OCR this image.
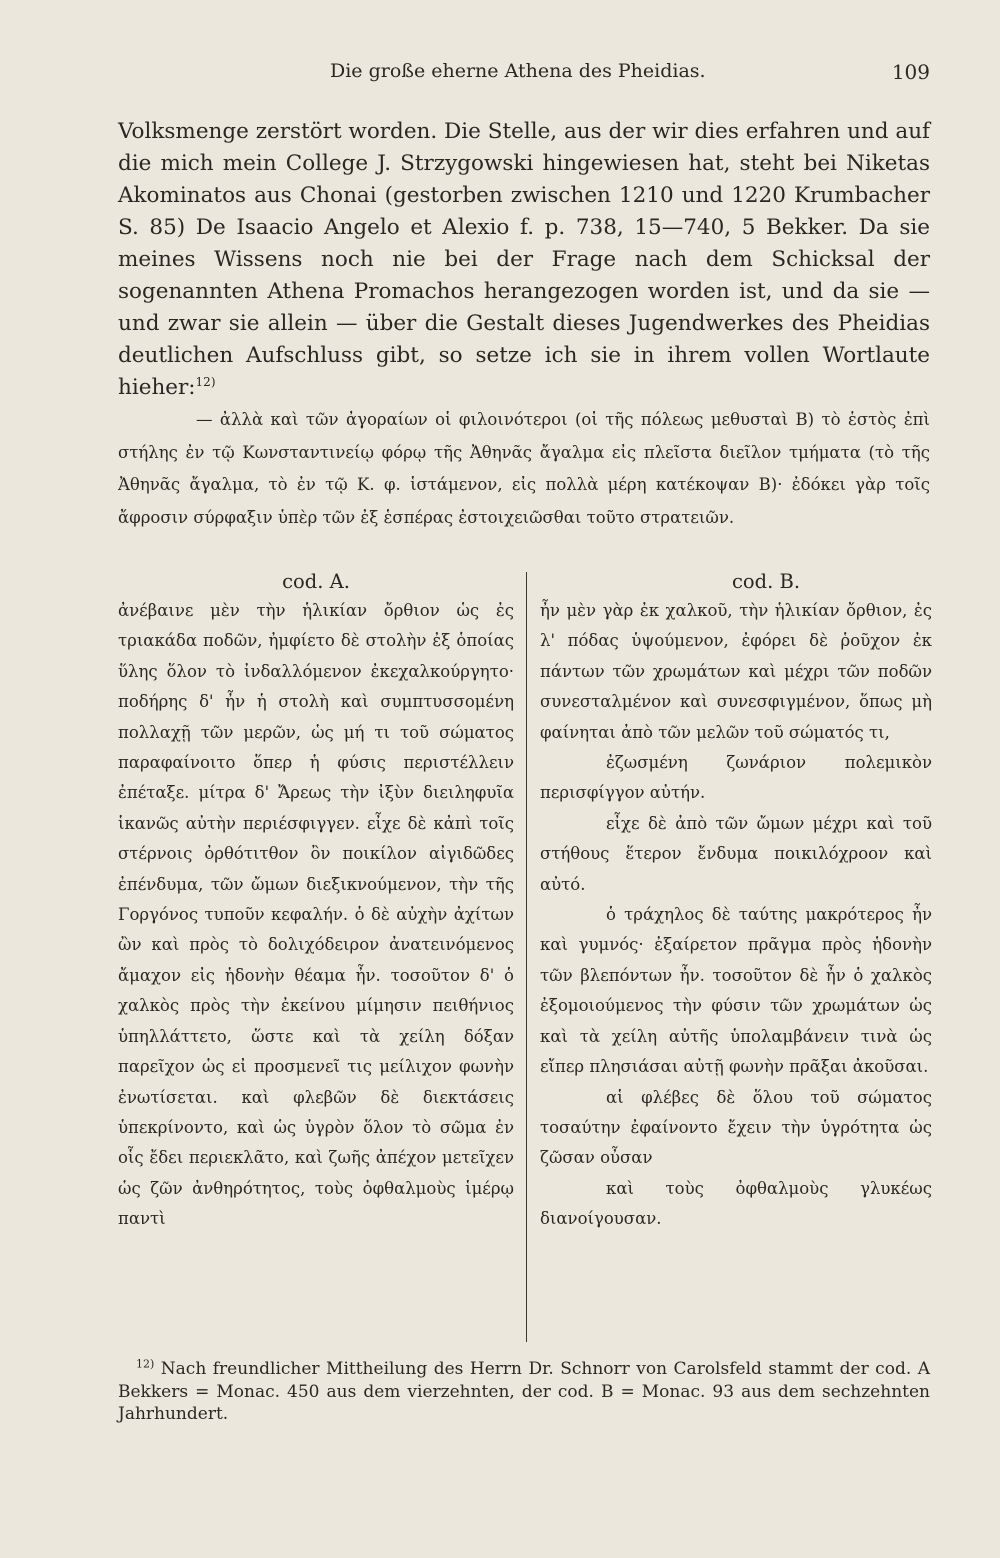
Die große eherne Athena des Pheidias.	109

Volksmenge zerstört worden. Die Stelle, aus der wir dies erfahren und auf die mich mein College J. Strzygowski hingewiesen hat, steht bei Niketas Akominatos aus Chonai (gestorben zwischen 1210 und 1220 Krumbacher S. 85) De Isaacio Angelo et Alexio f. p. 738, 15—740, 5 Bekker. Da sie meines Wissens noch nie bei der Frage nach dem Schicksal der sogenannten Athena Promachos herangezogen worden ist, und da sie — und zwar sie allein — über die Gestalt dieses Jugendwerkes des Pheidias deutlichen Aufschluss gibt, so setze ich sie in ihrem vollen Wortlaute hieher:$^{12)}$

— ἀλλὰ καὶ τῶν ἀγοραίων οἱ φιλοινότεροι (οἱ τῆς πόλεως μεθυσταὶ B) τὸ ἑστὸς ἐπὶ στήλης ἐν τῷ Κωνσταντινείῳ φόρῳ τῆς Ἀθηνᾶς ἄγαλμα εἰς πλεῖστα διεῖλον τμήματα (τὸ τῆς Ἀθηνᾶς ἄγαλμα, τὸ ἐν τῷ Κ. φ. ἱστάμενον, εἰς πολλὰ μέρη κατέκοψαν B)· ἐδόκει γὰρ τοῖς ἄφροσιν σύρφαξιν ὑπὲρ τῶν ἐξ ἑσπέρας ἐστοιχειῶσθαι τοῦτο στρατειῶν.
cod. A.

ἀνέβαινε μὲν τὴν ἡλικίαν ὄρθιον ὡς ἐς τριακάδα ποδῶν, ἠμφίετο δὲ στολὴν ἐξ ὁποίας ὕλης ὅλον τὸ ἰνδαλλόμενον ἐκεχαλκούργητο· ποδήρης δ' ἦν ἡ στολὴ καὶ συμπτυσσομένη πολλαχῇ τῶν μερῶν, ὡς μή τι τοῦ σώματος παραφαίνοιτο ὅπερ ἡ φύσις περιστέλλειν ἐπέταξε. μίτρα δ' Ἄρεως τὴν ἰξὺν διειληφυῖα ἱκανῶς αὐτὴν περιέσφιγγεν. εἶχε δὲ κἀπὶ τοῖς στέρνοις ὀρθότιτθον ὂν ποικίλον αἰγιδῶδες ἐπένδυμα, τῶν ὤμων διεξικνούμενον, τὴν τῆς Γοργόνος τυποῦν κεφαλήν. ὁ δὲ αὐχὴν ἀχίτων ὢν καὶ πρὸς τὸ δολιχόδειρον ἀνατεινόμενος ἄμαχον εἰς ἡδονὴν θέαμα ἦν. τοσοῦτον δ' ὁ χαλκὸς πρὸς τὴν ἐκείνου μίμησιν πειθήνιος ὑπηλλάττετο, ὥστε καὶ τὰ χείλη δόξαν παρεῖχον ὡς εἰ προσμενεῖ τις μείλιχον φωνὴν ἐνωτίσεται. καὶ φλεβῶν δὲ διεκτάσεις ὑπεκρίνοντο, καὶ ὡς ὑγρὸν ὅλον τὸ σῶμα ἐν οἷς ἔδει περιεκλᾶτο, καὶ ζωῆς ἀπέχον μετεῖχεν ὡς ζῶν ἀνθηρότητος, τοὺς ὀφθαλμοὺς ἱμέρῳ παντὶ

cod. B.

ἦν μὲν γὰρ ἐκ χαλκοῦ, τὴν ἡλικίαν ὄρθιον, ἐς λ' πόδας ὑψούμενον, ἐφόρει δὲ ῥοῦχον ἐκ πάντων τῶν χρωμάτων καὶ μέχρι τῶν ποδῶν συνεσταλμένον καὶ συνεσφιγμένον, ὅπως μὴ φαίνηται ἀπὸ τῶν μελῶν τοῦ σώματός τι,

ἐζωσμένη ζωνάριον πολεμικὸν περισφίγγον αὐτήν.

εἶχε δὲ ἀπὸ τῶν ὤμων μέχρι καὶ τοῦ στήθους ἕτερον ἔνδυμα ποικιλόχροον καὶ αὐτό.

ὁ τράχηλος δὲ ταύτης μακρότερος ἦν καὶ γυμνός· ἐξαίρετον πρᾶγμα πρὸς ἡδονὴν τῶν βλεπόντων ἦν. τοσοῦτον δὲ ἦν ὁ χαλκὸς ἐξομοιούμενος τὴν φύσιν τῶν χρωμάτων ὡς καὶ τὰ χείλη αὐτῆς ὑπολαμβάνειν τινὰ ὡς εἴπερ πλησιάσαι αὐτῇ φωνὴν πρᾶξαι ἀκοῦσαι.

αἱ φλέβες δὲ ὅλου τοῦ σώματος τοσαύτην ἐφαίνοντο ἔχειν τὴν ὑγρότητα ὡς ζῶσαν οὖσαν

καὶ τοὺς ὀφθαλμοὺς γλυκέως διανοίγουσαν.

$^{12)}$ Nach freundlicher Mittheilung des Herrn Dr. Schnorr von Carolsfeld stammt der cod. A Bekkers = Monac. 450 aus dem vierzehnten, der cod. B = Monac. 93 aus dem sechzehnten Jahrhundert.
